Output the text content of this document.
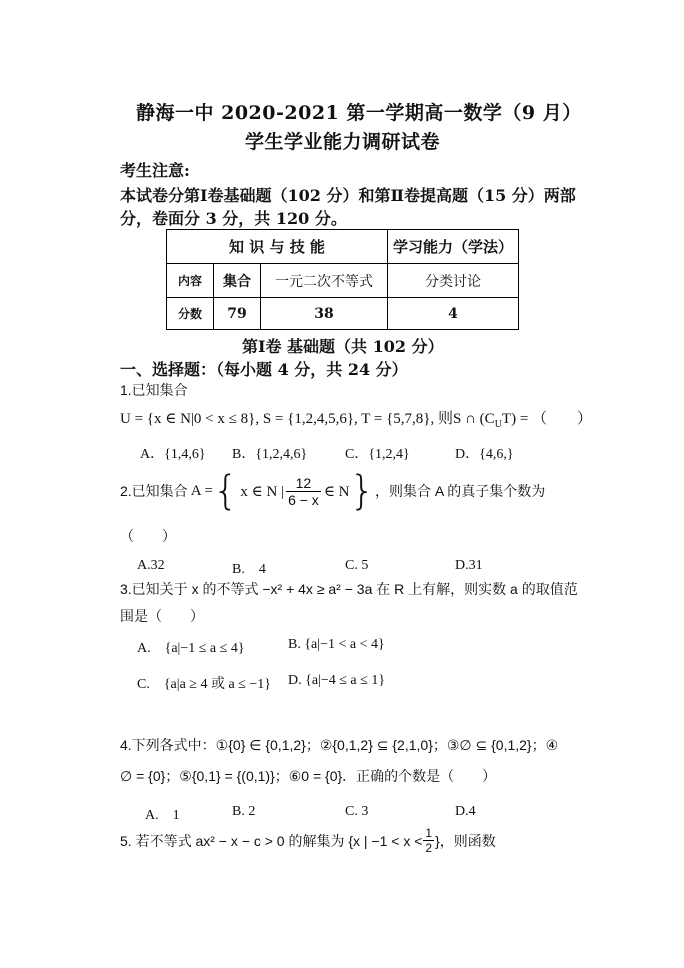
静海一中 2020-2021 第一学期高一数学（9 月）
学生学业能力调研试卷
考生注意:
本试卷分第Ⅰ卷基础题（102 分）和第Ⅱ卷提高题（15 分）两部
分，卷面分 3 分，共 120 分。
知 识 与 技 能			学习能力（学法）
内容	集合	一元二次不等式	分类讨论
分数	79	38	4
第Ⅰ卷 基础题（共 102 分）
一、选择题：（每小题 4 分，共 24 分）
1.已知集合
U = {x ∈ N|0 < x ≤ 8}, S = {1,2,4,5,6}, T = {5,7,8}, 则S ∩ $(C_UT)$ = （　　）
A．{1,4,6} B．{1,2,4,6}	C．{1,2,4}	D．{4,6,}
2.已知集合 A = { x ∈ N | $\frac{12}{6 - x}$ ∈ N } ，则集合 A 的真子集个数为
（　　）
A.32	B.　4	C. 5	D.31
3.已知关于 x 的不等式 −x² + 4x ≥ a² − 3a 在 R 上有解，则实数 a 的取值范
围是（　　）
A.　{a|−1 ≤ a ≤ 4}	B. {a|−1 < a < 4}
C.　{a|a ≥ 4 或 a ≤ −1} D. {a|−4 ≤ a ≤ 1}
4.下列各式中：①{0} ∈ {0,1,2}；②{0,1,2} ⊆ {2,1,0}；③∅ ⊆ {0,1,2}；④
∅ = {0}；⑤{0,1} = {(0,1)}；⑥0 = {0}．正确的个数是（　　）
A.　1	B. 2	C. 3	D.4
5. 若不等式 ax² − x − c > 0 的解集为 {x | $-1 < x < \frac{1}{2}$ }，则函数
